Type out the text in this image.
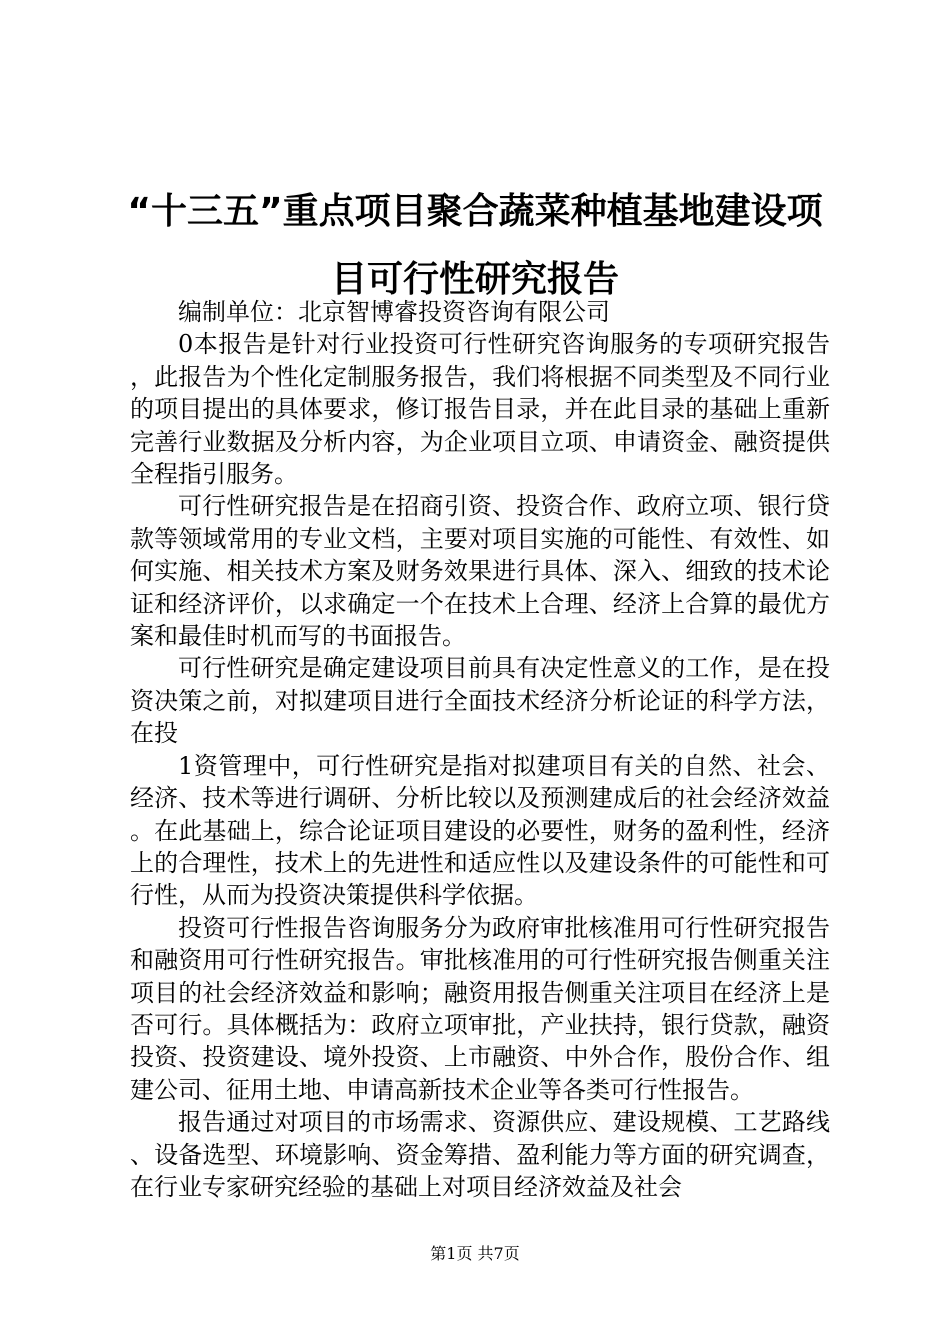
“十三五”重点项目聚合蔬菜种植基地建设项
目可行性研究报告

编制单位：北京智博睿投资咨询有限公司

0本报告是针对行业投资可行性研究咨询服务的专项研究报告，此报告为个性化定制服务报告，我们将根据不同类型及不同行业的项目提出的具体要求，修订报告目录，并在此目录的基础上重新完善行业数据及分析内容，为企业项目立项、申请资金、融资提供全程指引服务。

可行性研究报告是在招商引资、投资合作、政府立项、银行贷款等领域常用的专业文档，主要对项目实施的可能性、有效性、如何实施、相关技术方案及财务效果进行具体、深入、细致的技术论证和经济评价，以求确定一个在技术上合理、经济上合算的最优方案和最佳时机而写的书面报告。

可行性研究是确定建设项目前具有决定性意义的工作，是在投资决策之前，对拟建项目进行全面技术经济分析论证的科学方法，在投

1资管理中，可行性研究是指对拟建项目有关的自然、社会、经济、技术等进行调研、分析比较以及预测建成后的社会经济效益。在此基础上，综合论证项目建设的必要性，财务的盈利性，经济上的合理性，技术上的先进性和适应性以及建设条件的可能性和可行性，从而为投资决策提供科学依据。

投资可行性报告咨询服务分为政府审批核准用可行性研究报告和融资用可行性研究报告。审批核准用的可行性研究报告侧重关注项目的社会经济效益和影响；融资用报告侧重关注项目在经济上是否可行。具体概括为：政府立项审批，产业扶持，银行贷款，融资投资、投资建设、境外投资、上市融资、中外合作，股份合作、组建公司、征用土地、申请高新技术企业等各类可行性报告。

报告通过对项目的市场需求、资源供应、建设规模、工艺路线、设备选型、环境影响、资金筹措、盈利能力等方面的研究调查，在行业专家研究经验的基础上对项目经济效益及社会

第1页 共7页
